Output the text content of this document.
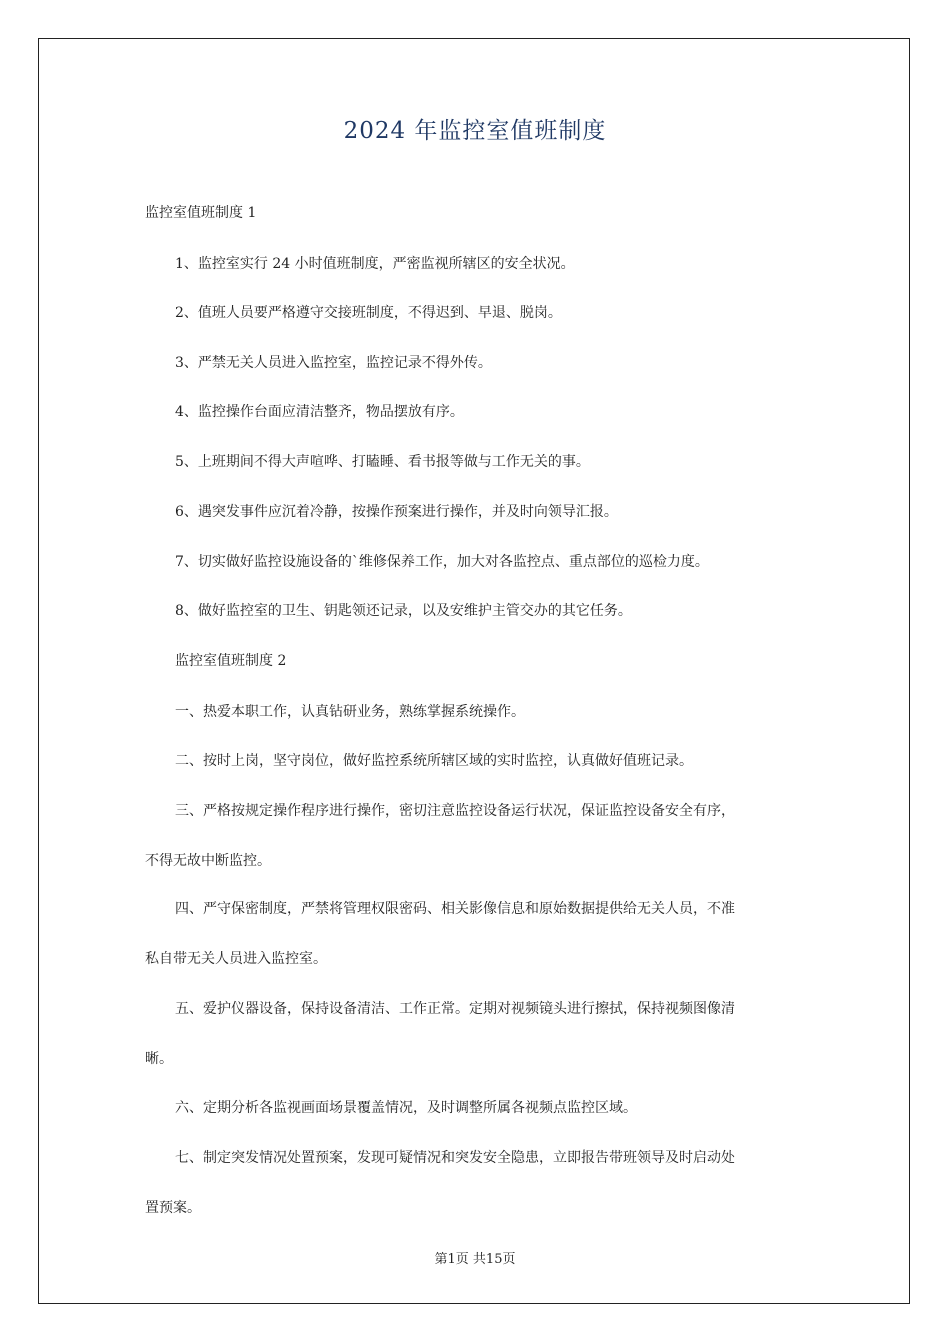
2024 年监控室值班制度

监控室值班制度 1

1、监控室实行 24 小时值班制度，严密监视所辖区的安全状况。

2、值班人员要严格遵守交接班制度，不得迟到、早退、脱岗。

3、严禁无关人员进入监控室，监控记录不得外传。

4、监控操作台面应清洁整齐，物品摆放有序。

5、上班期间不得大声喧哗、打瞌睡、看书报等做与工作无关的事。

6、遇突发事件应沉着冷静，按操作预案进行操作，并及时向领导汇报。

7、切实做好监控设施设备的`维修保养工作，加大对各监控点、重点部位的巡检力度。

8、做好监控室的卫生、钥匙领还记录，以及安维护主管交办的其它任务。

监控室值班制度 2

一、热爱本职工作，认真钻研业务，熟练掌握系统操作。

二、按时上岗，坚守岗位，做好监控系统所辖区域的实时监控，认真做好值班记录。

三、严格按规定操作程序进行操作，密切注意监控设备运行状况，保证监控设备安全有序，

不得无故中断监控。

四、严守保密制度，严禁将管理权限密码、相关影像信息和原始数据提供给无关人员，不准

私自带无关人员进入监控室。

五、爱护仪器设备，保持设备清洁、工作正常。定期对视频镜头进行擦拭，保持视频图像清

晰。

六、定期分析各监视画面场景覆盖情况，及时调整所属各视频点监控区域。

七、制定突发情况处置预案，发现可疑情况和突发安全隐患，立即报告带班领导及时启动处

置预案。

第1页 共15页
